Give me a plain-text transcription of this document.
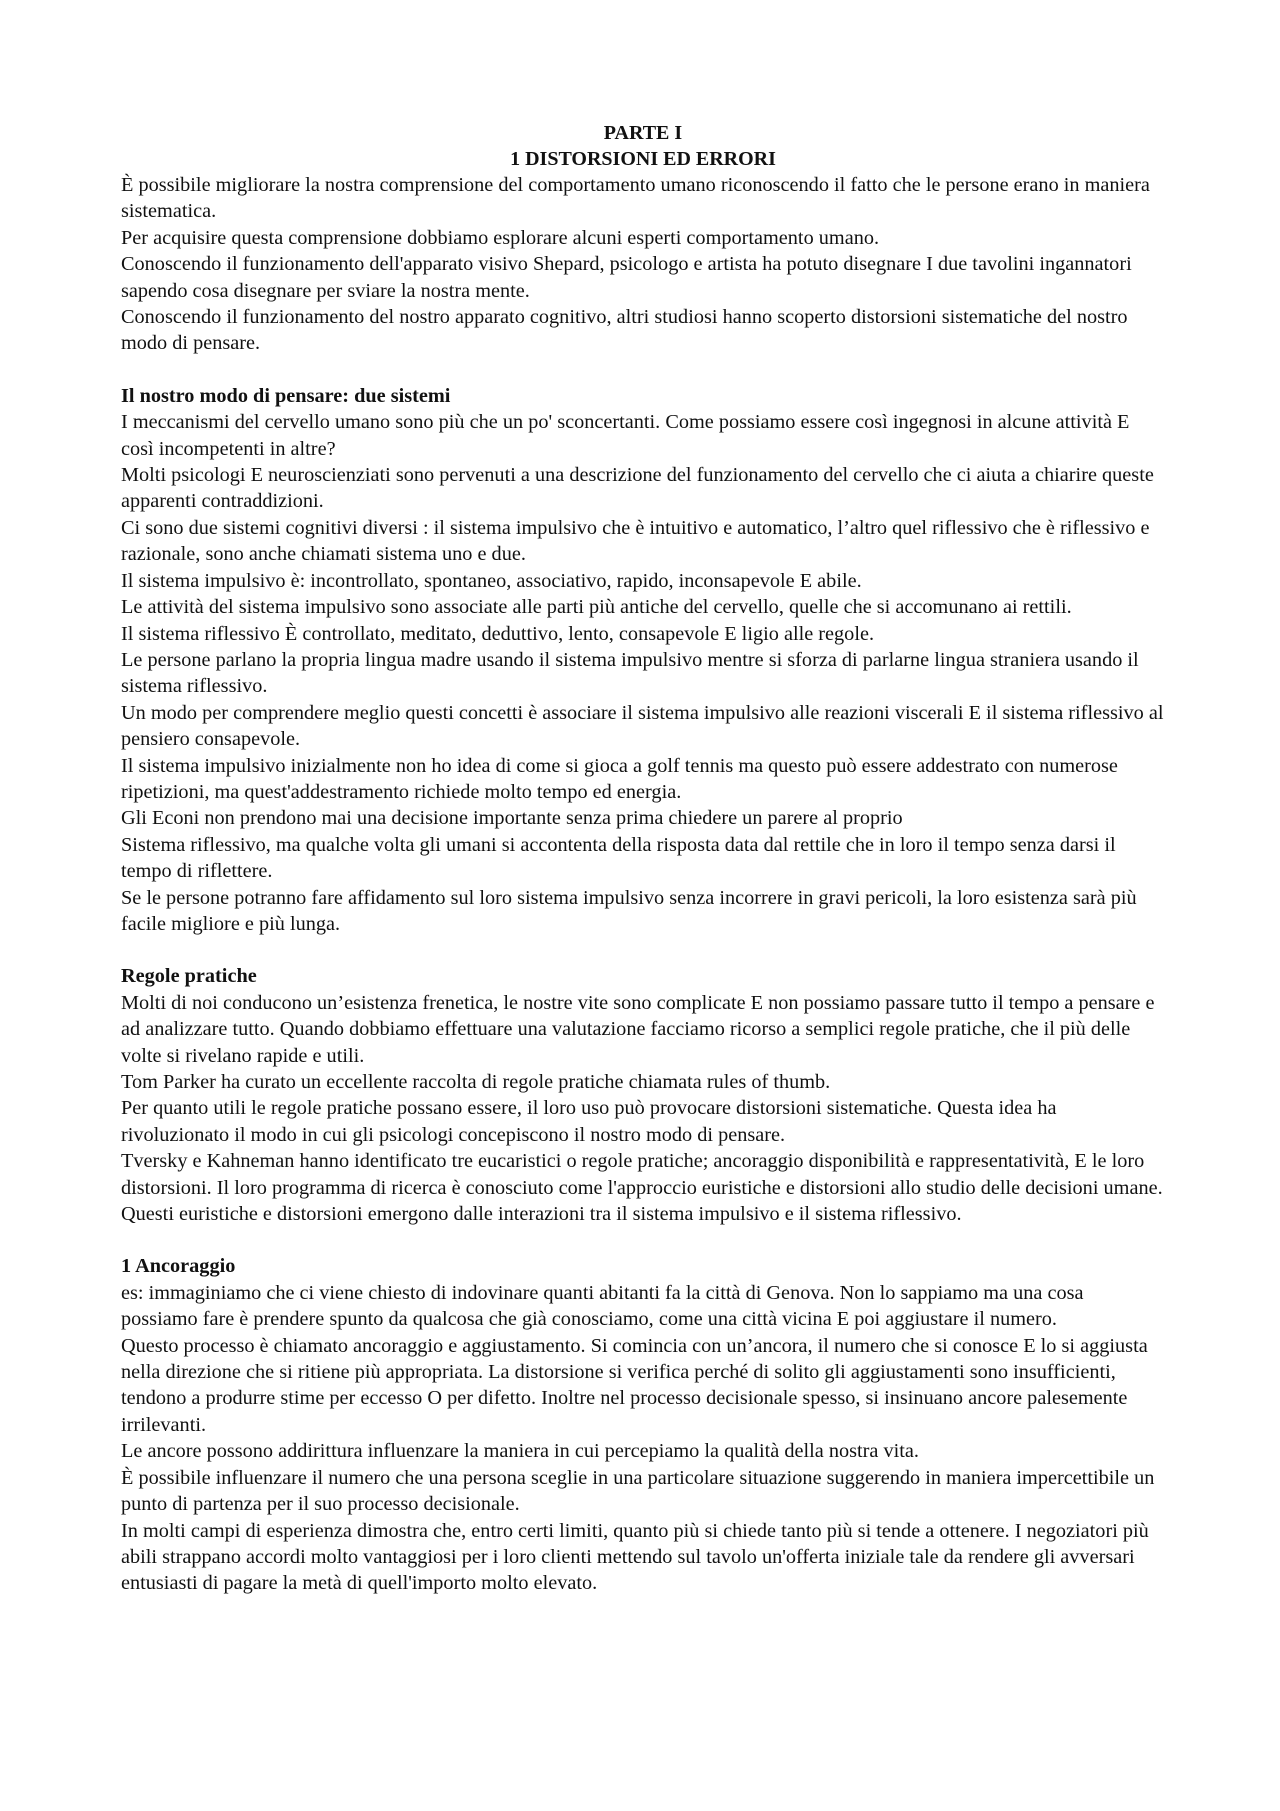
PARTE I
1 DISTORSIONI ED ERRORI

È possibile migliorare la nostra comprensione del comportamento umano riconoscendo il fatto che le persone erano in maniera sistematica.

Per acquisire questa comprensione dobbiamo esplorare alcuni esperti comportamento umano.

Conoscendo il funzionamento dell'apparato visivo Shepard, psicologo e artista ha potuto disegnare I due tavolini ingannatori sapendo cosa disegnare per sviare la nostra mente.

Conoscendo il funzionamento del nostro apparato cognitivo, altri studiosi hanno scoperto distorsioni sistematiche del nostro modo di pensare.

Il nostro modo di pensare: due sistemi

I meccanismi del cervello umano sono più che un po' sconcertanti. Come possiamo essere così ingegnosi in alcune attività E così incompetenti in altre?

Molti psicologi E neuroscienziati sono pervenuti a una descrizione del funzionamento del cervello che ci aiuta a chiarire queste apparenti contraddizioni.

Ci sono due sistemi cognitivi diversi : il sistema impulsivo che è intuitivo e automatico, l’altro quel riflessivo che è riflessivo e razionale, sono anche chiamati sistema uno e due.

Il sistema impulsivo è: incontrollato, spontaneo, associativo, rapido, inconsapevole E abile.

Le attività del sistema impulsivo sono associate alle parti più antiche del cervello, quelle che si accomunano ai rettili.

Il sistema riflessivo È controllato, meditato, deduttivo, lento, consapevole E ligio alle regole.

Le persone parlano la propria lingua madre usando il sistema impulsivo mentre si sforza di parlarne lingua straniera usando il sistema riflessivo.

Un modo per comprendere meglio questi concetti è associare il sistema impulsivo alle reazioni viscerali E il sistema riflessivo al pensiero consapevole.

Il sistema impulsivo inizialmente non ho idea di come si gioca a golf tennis ma questo può essere addestrato con numerose ripetizioni, ma quest'addestramento richiede molto tempo ed energia.

Gli Econi non prendono mai una decisione importante senza prima chiedere un parere al proprio

Sistema riflessivo, ma qualche volta gli umani si accontenta della risposta data dal rettile che in loro il tempo senza darsi il tempo di riflettere.

Se le persone potranno fare affidamento sul loro sistema impulsivo senza incorrere in gravi pericoli, la loro esistenza sarà più facile migliore e più lunga.

Regole pratiche

Molti di noi conducono un’esistenza frenetica, le nostre vite sono complicate E non possiamo passare tutto il tempo a pensare e ad analizzare tutto. Quando dobbiamo effettuare una valutazione facciamo ricorso a semplici regole pratiche, che il più delle volte si rivelano rapide e utili.

Tom Parker ha curato un eccellente raccolta di regole pratiche chiamata rules of thumb.

Per quanto utili le regole pratiche possano essere, il loro uso può provocare distorsioni sistematiche. Questa idea ha rivoluzionato il modo in cui gli psicologi concepiscono il nostro modo di pensare.

Tversky e Kahneman hanno identificato tre eucaristici o regole pratiche; ancoraggio disponibilità e rappresentatività, E le loro distorsioni. Il loro programma di ricerca è conosciuto come l'approccio euristiche e distorsioni allo studio delle decisioni umane. Questi euristiche e distorsioni emergono dalle interazioni tra il sistema impulsivo e il sistema riflessivo.

1 Ancoraggio

es: immaginiamo che ci viene chiesto di indovinare quanti abitanti fa la città di Genova. Non lo sappiamo ma una cosa possiamo fare è prendere spunto da qualcosa che già conosciamo, come una città vicina E poi aggiustare il numero.

Questo processo è chiamato ancoraggio e aggiustamento. Si comincia con un’ancora, il numero che si conosce E lo si aggiusta nella direzione che si ritiene più appropriata. La distorsione si verifica perché di solito gli aggiustamenti sono insufficienti, tendono a produrre stime per eccesso O per difetto. Inoltre nel processo decisionale spesso, si insinuano ancore palesemente irrilevanti.

Le ancore possono addirittura influenzare la maniera in cui percepiamo la qualità della nostra vita.

È possibile influenzare il numero che una persona sceglie in una particolare situazione suggerendo in maniera impercettibile un punto di partenza per il suo processo decisionale.

In molti campi di esperienza dimostra che, entro certi limiti, quanto più si chiede tanto più si tende a ottenere. I negoziatori più abili strappano accordi molto vantaggiosi per i loro clienti mettendo sul tavolo un'offerta iniziale tale da rendere gli avversari entusiasti di pagare la metà di quell'importo molto elevato.
